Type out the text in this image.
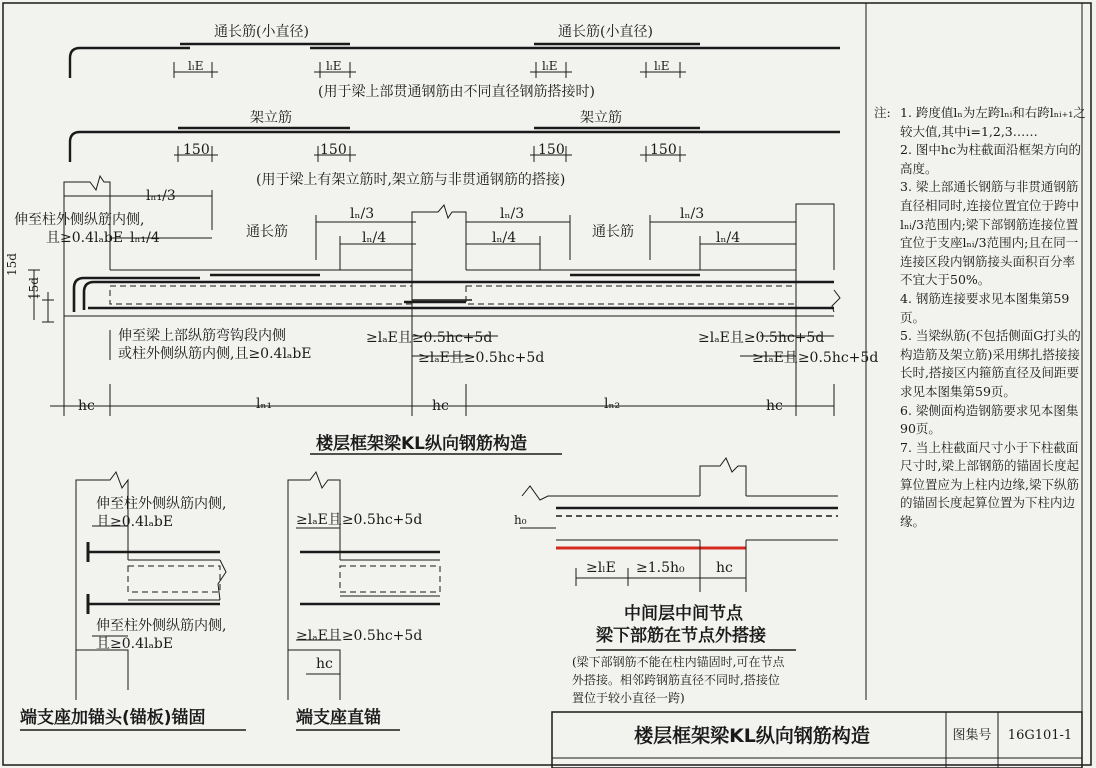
通长筋(小直径)	通长筋(小直径)
lₗE	lₗE	lₗE	lₗE
(用于梁上部贯通钢筋由不同直径钢筋搭接时)
架立筋	架立筋
150	150	150	150
(用于梁上有架立筋时,架立筋与非贯通钢筋的搭接)
lₙ₁/3
lₙ/3	lₙ/3	lₙ/3
伸至柱外侧纵筋内侧,
且≥0.4lₐbE lₙ₁/4	通长筋	lₙ/4	lₙ/4	通长筋	lₙ/4
15d
15d
伸至梁上部纵筋弯钩段内侧
或柱外侧纵筋内侧,且≥0.4lₐbE
≥lₐE且≥0.5hc+5d
≥lₐE且≥0.5hc+5d
≥lₐE且≥0.5hc+5d
≥lₐE且≥0.5hc+5d
hc	lₙ₁	hc	lₙ₂	hc
楼层框架梁KL纵向钢筋构造
伸至柱外侧纵筋内侧,
且≥0.4lₐbE
伸至柱外侧纵筋内侧,
且≥0.4lₐbE
端支座加锚头(锚板)锚固
≥lₐE且≥0.5hc+5d
≥lₐE且≥0.5hc+5d
hc
端支座直锚
h₀
≥lₗE ≥1.5h₀ hc
中间层中间节点
梁下部筋在节点外搭接
(梁下部钢筋不能在柱内锚固时,可在节点
外搭接。相邻跨钢筋直径不同时,搭接位
置位于较小直径一跨)
注: 1. 跨度值lₙ为左跨lₙᵢ和右跨lₙᵢ₊₁之较大值,其中i=1,2,3……
2. 图中hc为柱截面沿框架方向的高度。
3. 梁上部通长钢筋与非贯通钢筋直径相同时,连接位置宜位于跨中lₙᵢ/3范围内;梁下部钢筋连接位置宜位于支座lₙᵢ/3范围内;且在同一连接区段内钢筋接头面积百分率不宜大于50%。
4. 钢筋连接要求见本图集第59页。
5. 当梁纵筋(不包括侧面G打头的构造筋及架立筋)采用绑扎搭接接长时,搭接区内箍筋直径及间距要求见本图集第59页。
6. 梁侧面构造钢筋要求见本图集90页。
7. 当上柱截面尺寸小于下柱截面尺寸时,梁上部钢筋的锚固长度起算位置应为上柱内边缘,梁下纵筋的锚固长度起算位置为下柱内边缘。
楼层框架梁KL纵向钢筋构造	图集号	16G101-1
